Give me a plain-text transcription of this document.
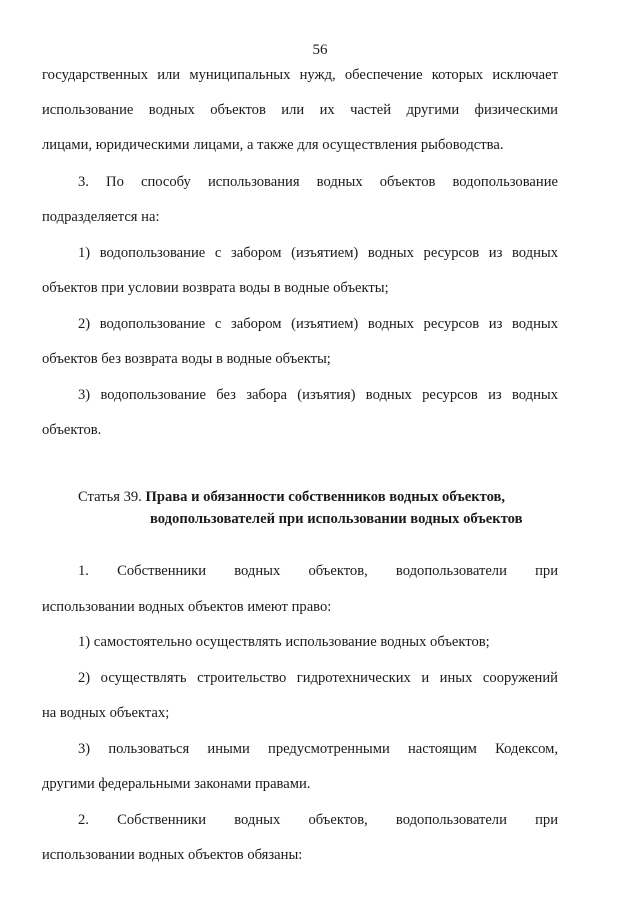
56
государственных или муниципальных нужд, обеспечение которых исключает
использование водных объектов или их частей другими физическими
лицами, юридическими лицами, а также для осуществления рыбоводства.
3. По способу использования водных объектов водопользование
подразделяется на:
1) водопользование с забором (изъятием) водных ресурсов из водных
объектов при условии возврата воды в водные объекты;
2) водопользование с забором (изъятием) водных ресурсов из водных
объектов без возврата воды в водные объекты;
3) водопользование без забора (изъятия) водных ресурсов из водных
объектов.
Статья 39. Права и обязанности собственников водных объектов,
водопользователей при использовании водных объектов
1. Собственники водных объектов, водопользователи при
использовании водных объектов имеют право:
1) самостоятельно осуществлять использование водных объектов;
2) осуществлять строительство гидротехнических и иных сооружений
на водных объектах;
3) пользоваться иными предусмотренными настоящим Кодексом,
другими федеральными законами правами.
2. Собственники водных объектов, водопользователи при
использовании водных объектов обязаны:
